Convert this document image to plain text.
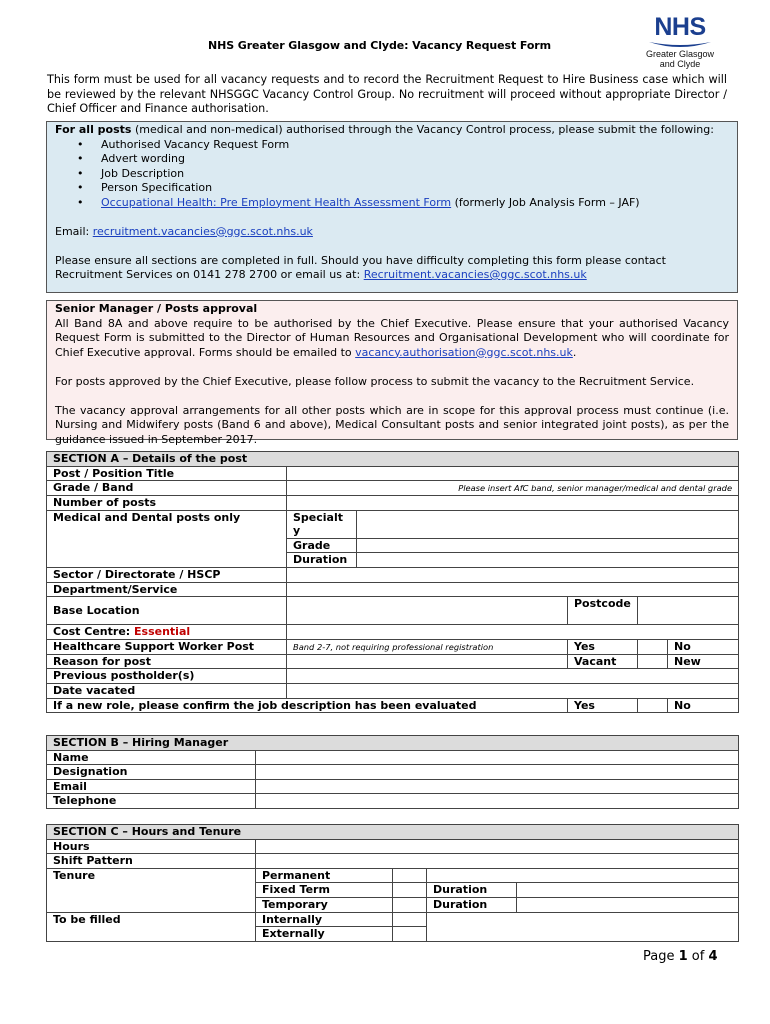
NHS Greater Glasgow and Clyde: Vacancy Request Form
NHS
Greater Glasgow
and Clyde
This form must be used for all vacancy requests and to record the Recruitment Request to Hire Business case which will be reviewed by the relevant NHSGGC Vacancy Control Group. No recruitment will proceed without appropriate Director / Chief Officer and Finance authorisation.

For all posts (medical and non-medical) authorised through the Vacancy Control process, please submit the following:

• Authorised Vacancy Request Form
• Advert wording
• Job Description
• Person Specification
• Occupational Health: Pre Employment Health Assessment Form (formerly Job Analysis Form – JAF)

Email: recruitment.vacancies@ggc.scot.nhs.uk

Please ensure all sections are completed in full. Should you have difficulty completing this form please contact Recruitment Services on 0141 278 2700 or email us at: Recruitment.vacancies@ggc.scot.nhs.uk

Senior Manager / Posts approval

All Band 8A and above require to be authorised by the Chief Executive. Please ensure that your authorised Vacancy Request Form is submitted to the Director of Human Resources and Organisational Development who will coordinate for Chief Executive approval. Forms should be emailed to vacancy.authorisation@ggc.scot.nhs.uk.

For posts approved by the Chief Executive, please follow process to submit the vacancy to the Recruitment Service.

The vacancy approval arrangements for all other posts which are in scope for this approval process must continue (i.e. Nursing and Midwifery posts (Band 6 and above), Medical Consultant posts and senior integrated joint posts), as per the guidance issued in September 2017.

SECTION A – Details of the post					
Post / Position Title					
Grade / Band	Please insert AfC band, senior manager/medical and dental grade				
Number of posts					
Medical and Dental posts only	Specialty				
	Grade				
	Duration				
Sector / Directorate / HSCP					
Department/Service					
Base Location			Postcode		
Cost Centre: Essential					
Healthcare Support Worker Post	Band 2-7, not requiring professional registration		Yes		No
Reason for post			Vacant		New
Previous postholder(s)					
Date vacated					
If a new role, please confirm the job description has been evaluated			Yes		No
SECTION B – Hiring Manager	
Name	
Designation	
Email	
Telephone	
SECTION C – Hours and Tenure				
Hours				
Shift Pattern				
Tenure	Permanent			
	Fixed Term		Duration	
	Temporary		Duration	
To be filled	Internally			
	Externally			
Page 1 of 4
